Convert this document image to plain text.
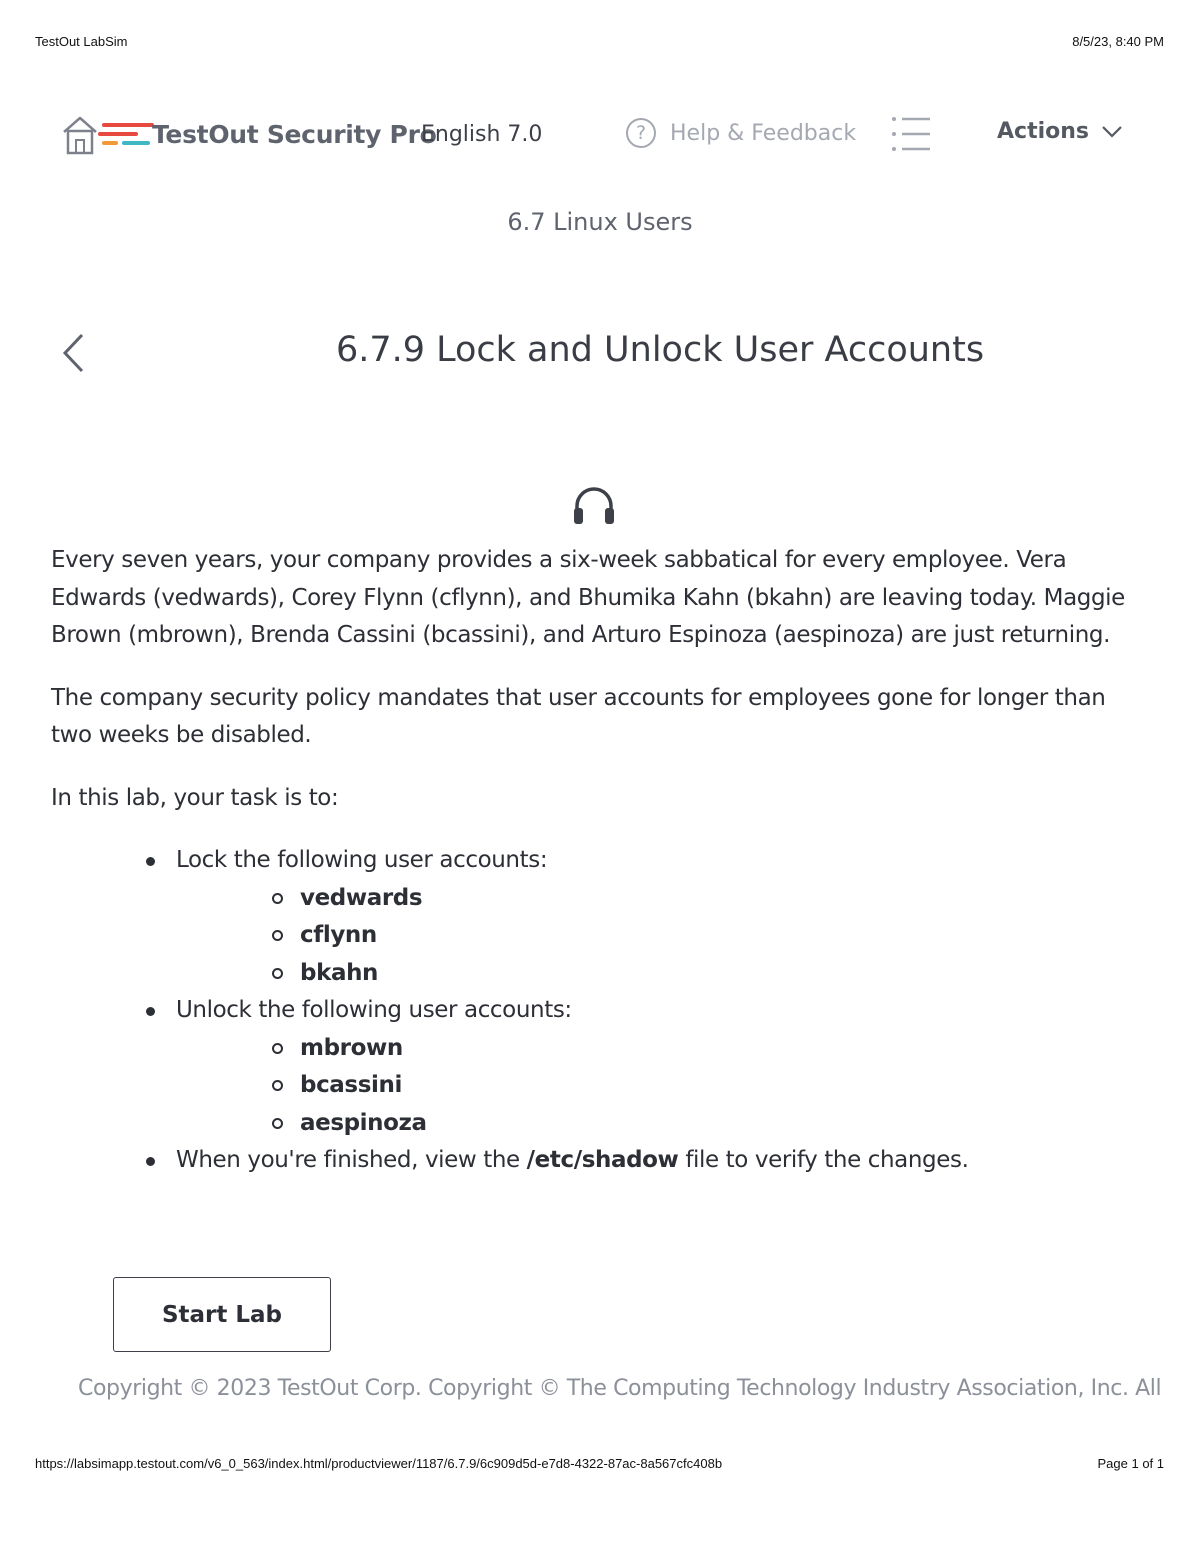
TestOut LabSim	8/5/23, 8:40 PM
TestOut Security Pro
English 7.0	?	Help & Feedback	Actions
6.7 Linux Users
6.7.9 Lock and Unlock User Accounts

Every seven years, your company provides a six-week sabbatical for every employee. Vera Edwards (vedwards), Corey Flynn (cflynn), and Bhumika Kahn (bkahn) are leaving today. Maggie Brown (mbrown), Brenda Cassini (bcassini), and Arturo Espinoza (aespinoza) are just returning.

The company security policy mandates that user accounts for employees gone for longer than two weeks be disabled.

In this lab, your task is to:

Lock the following user accounts:
vedwards
cflynn
bkahn
Unlock the following user accounts:
mbrown
bcassini
aespinoza
When you're finished, view the /etc/shadow file to verify the changes.
Start Lab
Copyright © 2023 TestOut Corp. Copyright © The Computing Technology Industry Association, Inc. All
https://labsimapp.testout.com/v6_0_563/index.html/productviewer/1187/6.7.9/6c909d5d-e7d8-4322-87ac-8a567cfc408b	Page 1 of 1
